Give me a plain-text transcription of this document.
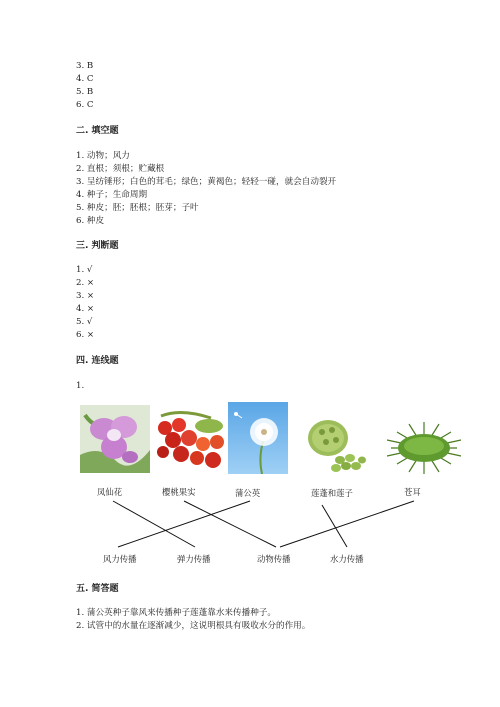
3. B
4. C
5. B
6. C
二. 填空题
1. 动物；风力
2. 直根；须根；贮藏根
3. 呈纺锤形；白色的茸毛；绿色；黄褐色；轻轻一碰，就会自动裂开
4. 种子；生命周期
5. 种皮；胚；胚根；胚芽；子叶
6. 种皮
三. 判断题
1. √
2. ×
3. ×
4. ×
5. √
6. ×
四. 连线题
1.
凤仙花	樱桃果实	蒲公英	莲蓬和莲子	苍耳
风力传播	弹力传播	动物传播	水力传播
五. 简答题
1. 蒲公英种子靠风来传播种子莲蓬靠水来传播种子。
2. 试管中的水量在逐渐减少，这说明根具有吸收水分的作用。
